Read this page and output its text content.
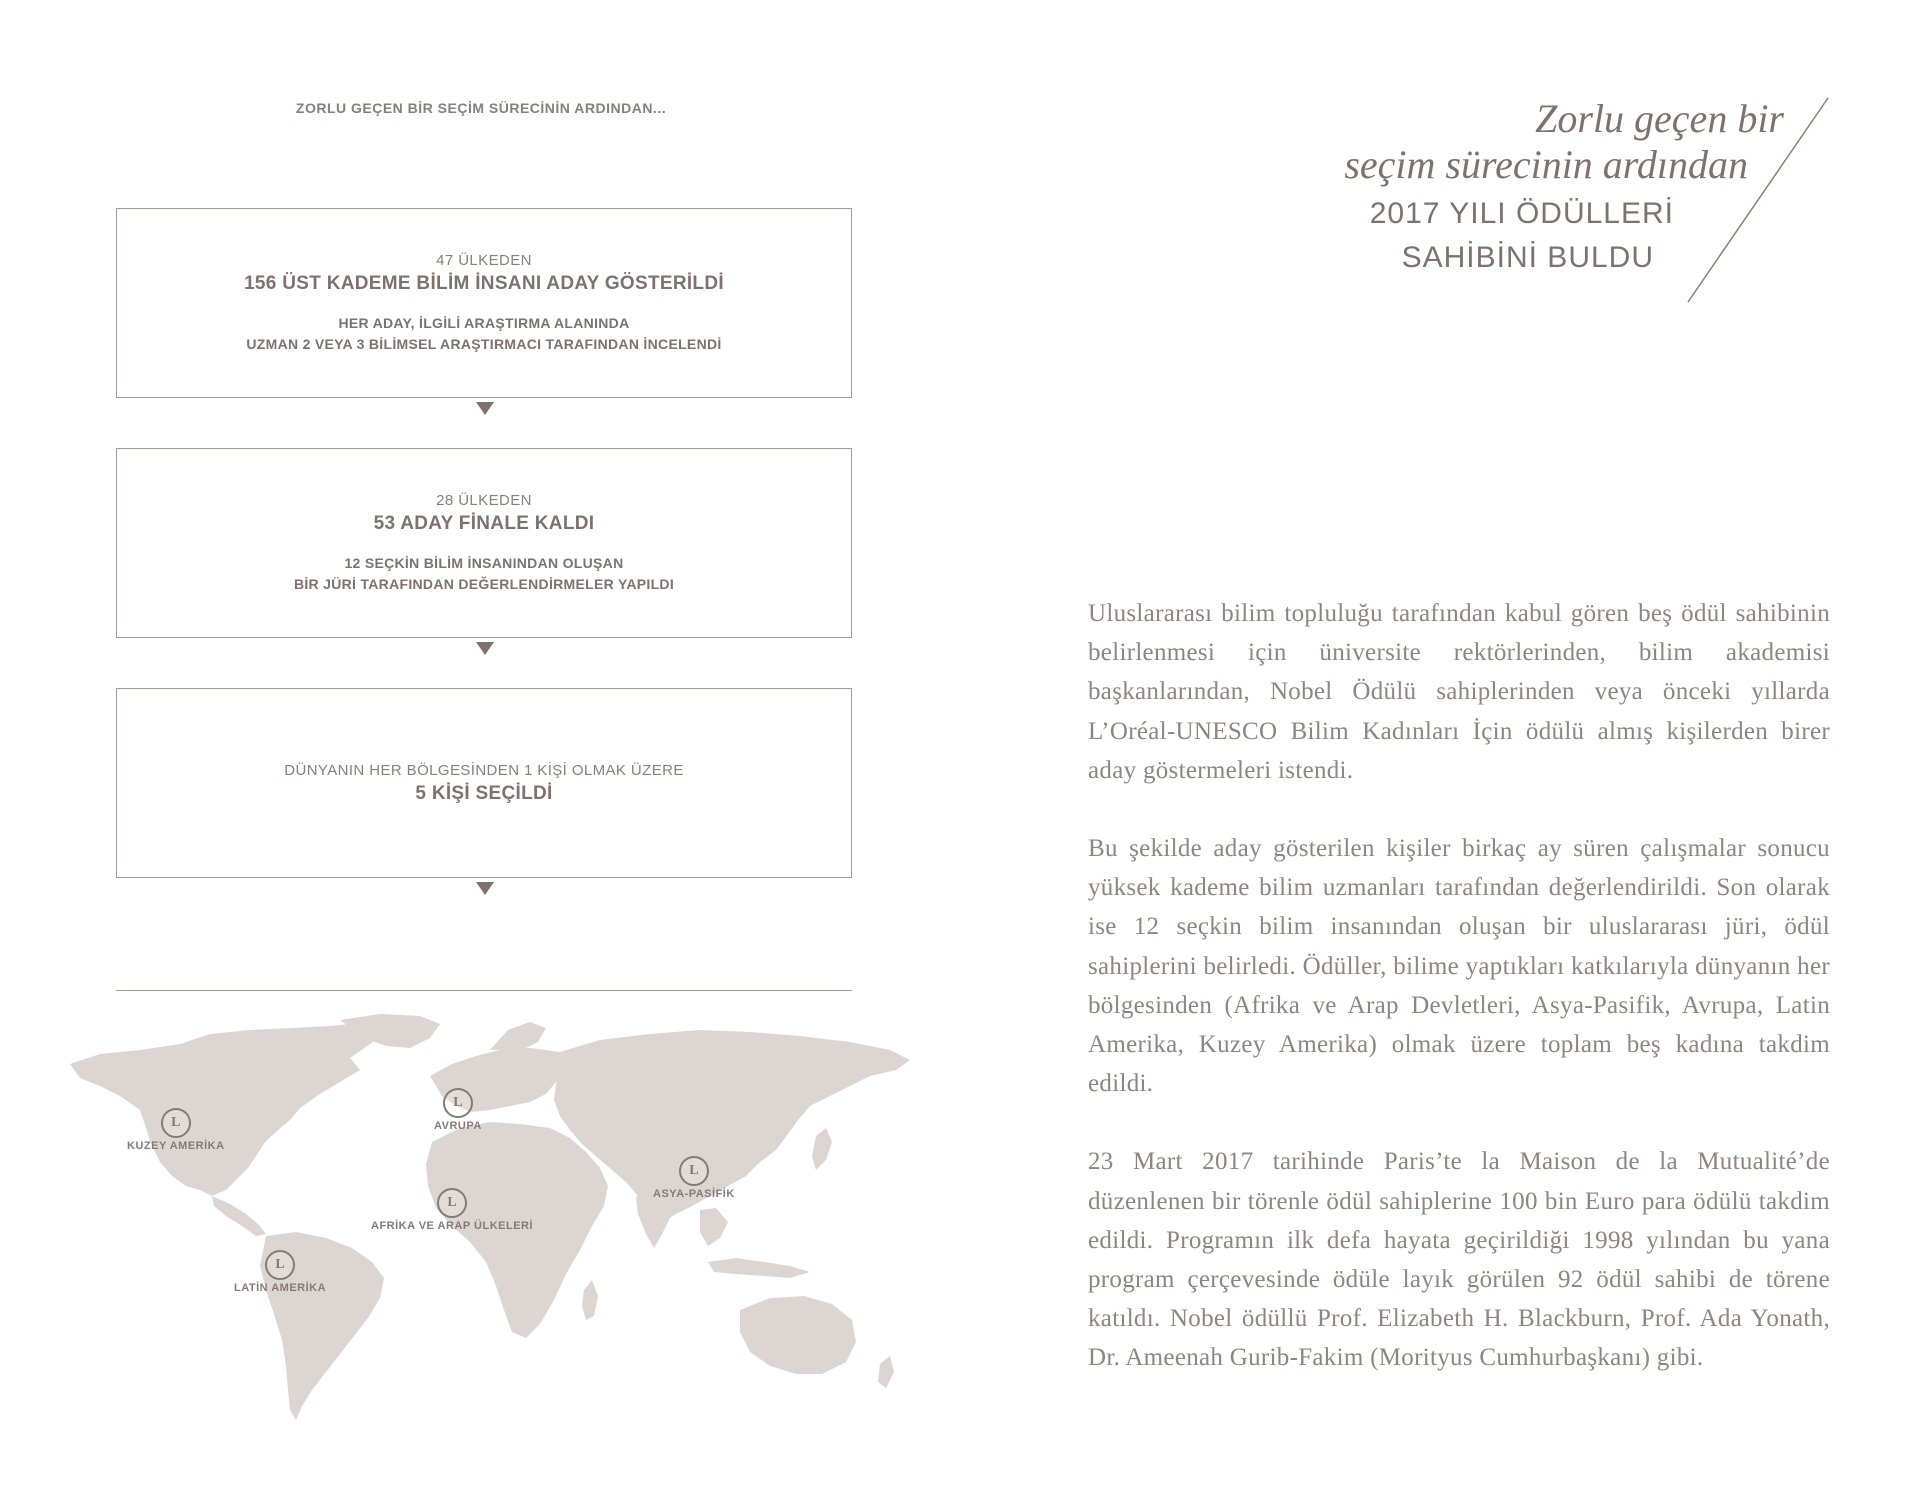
ZORLU GEÇEN BİR SEÇİM SÜRECİNİN ARDINDAN...
47 ÜLKEDEN
156 ÜST KADEME BİLİM İNSANI ADAY GÖSTERİLDİ
HER ADAY, İLGİLİ ARAŞTIRMA ALANINDA
UZMAN 2 VEYA 3 BİLİMSEL ARAŞTIRMACI TARAFINDAN İNCELENDİ
28 ÜLKEDEN
53 ADAY FİNALE KALDI
12 SEÇKİN BİLİM İNSANINDAN OLUŞAN
BİR JÜRİ TARAFINDAN DEĞERLENDİRMELER YAPILDI
DÜNYANIN HER BÖLGESİNDEN 1 KİŞİ OLMAK ÜZERE
5 KİŞİ SEÇİLDİ
L
KUZEY AMERİKA
L
AVRUPA
L
ASYA-PASİFİK
L
AFRİKA VE ARAP ÜLKELERİ
L
LATİN AMERİKA
Zorlu geçen bir
seçim sürecinin ardından
2017 YILI ÖDÜLLERİ
SAHİBİNİ BULDU

Uluslararası bilim topluluğu tarafından kabul gören beş ödül sahibinin belirlenmesi için üniversite rektörlerinden, bilim akademisi başkanlarından, Nobel Ödülü sahiplerinden veya önceki yıllarda L’Oréal-UNESCO Bilim Kadınları İçin ödülü almış kişilerden birer aday göstermeleri istendi.

Bu şekilde aday gösterilen kişiler birkaç ay süren çalışmalar sonucu yüksek kademe bilim uzmanları tarafından değerlendirildi. Son olarak ise 12 seçkin bilim insanından oluşan bir uluslararası jüri, ödül sahiplerini belirledi. Ödüller, bilime yaptıkları katkılarıyla dünyanın her bölgesinden (Afrika ve Arap Devletleri, Asya-Pasifik, Avrupa, Latin Amerika, Kuzey Amerika) olmak üzere toplam beş kadına takdim edildi.

23 Mart 2017 tarihinde Paris’te la Maison de la Mutualité’de düzenlenen bir törenle ödül sahiplerine 100 bin Euro para ödülü takdim edildi. Programın ilk defa hayata geçirildiği 1998 yılından bu yana program çerçevesinde ödüle layık görülen 92 ödül sahibi de törene katıldı. Nobel ödüllü Prof. Elizabeth H. Blackburn, Prof. Ada Yonath, Dr. Ameenah Gurib-Fakim (Morityus Cumhurbaşkanı) gibi.
